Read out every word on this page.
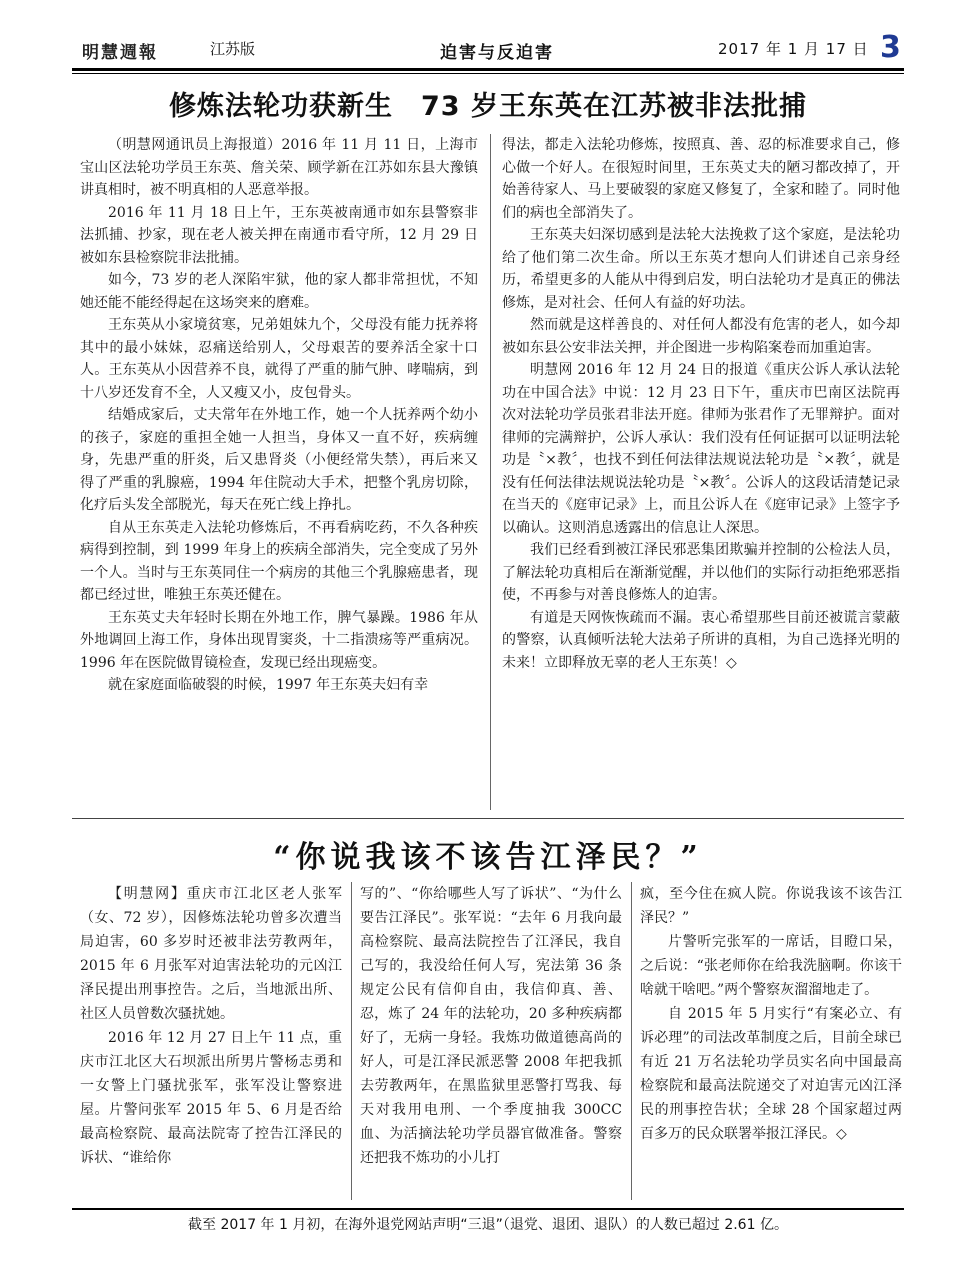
明慧週報	江苏版	迫害与反迫害	2017 年 1 月 17 日 3
修炼法轮功获新生　73 岁王东英在江苏被非法批捕

（明慧网通讯员上海报道）2016 年 11 月 11 日，上海市宝山区法轮功学员王东英、詹关荣、顾学新在江苏如东县大豫镇讲真相时，被不明真相的人恶意举报。

2016 年 11 月 18 日上午，王东英被南通市如东县警察非法抓捕、抄家，现在老人被关押在南通市看守所，12 月 29 日被如东县检察院非法批捕。

如今，73 岁的老人深陷牢狱，他的家人都非常担忧，不知她还能不能经得起在这场突来的磨难。

王东英从小家境贫寒，兄弟姐妹九个，父母没有能力抚养将其中的最小妹妹，忍痛送给别人，父母艰苦的要养活全家十口人。王东英从小因营养不良，就得了严重的肺气肿、哮喘病，到十八岁还发育不全，人又瘦又小，皮包骨头。

结婚成家后，丈夫常年在外地工作，她一个人抚养两个幼小的孩子，家庭的重担全她一人担当，身体又一直不好，疾病缠身，先患严重的肝炎，后又患肾炎（小便经常失禁），再后来又得了严重的乳腺癌，1994 年住院动大手术，把整个乳房切除，化疗后头发全部脱光，每天在死亡线上挣扎。

自从王东英走入法轮功修炼后，不再看病吃药，不久各种疾病得到控制，到 1999 年身上的疾病全部消失，完全变成了另外一个人。当时与王东英同住一个病房的其他三个乳腺癌患者，现都已经过世，唯独王东英还健在。

王东英丈夫年轻时长期在外地工作，脾气暴躁。1986 年从外地调回上海工作，身体出现胃窦炎，十二指溃疡等严重病况。1996 年在医院做胃镜检查，发现已经出现癌变。

就在家庭面临破裂的时候，1997 年王东英夫妇有幸

得法，都走入法轮功修炼，按照真、善、忍的标准要求自己，修心做一个好人。在很短时间里，王东英丈夫的陋习都改掉了，开始善待家人、马上要破裂的家庭又修复了，全家和睦了。同时他们的病也全部消失了。

王东英夫妇深切感到是法轮大法挽救了这个家庭，是法轮功给了他们第二次生命。所以王东英才想向人们讲述自己亲身经历，希望更多的人能从中得到启发，明白法轮功才是真正的佛法修炼，是对社会、任何人有益的好功法。

然而就是这样善良的、对任何人都没有危害的老人，如今却被如东县公安非法关押，并企图进一步构陷案卷而加重迫害。

明慧网 2016 年 12 月 24 日的报道《重庆公诉人承认法轮功在中国合法》中说：12 月 23 日下午，重庆市巴南区法院再次对法轮功学员张君非法开庭。律师为张君作了无罪辩护。面对律师的完满辩护，公诉人承认：我们没有任何证据可以证明法轮功是〝×教〞，也找不到任何法律法规说法轮功是〝×教〞，就是没有任何法律法规说法轮功是〝×教〞。公诉人的这段话清楚记录在当天的《庭审记录》上，而且公诉人在《庭审记录》上签字予以确认。这则消息透露出的信息让人深思。

我们已经看到被江泽民邪恶集团欺骗并控制的公检法人员，了解法轮功真相后在渐渐觉醒，并以他们的实际行动拒绝邪恶指使，不再参与对善良修炼人的迫害。

有道是天网恢恢疏而不漏。衷心希望那些目前还被谎言蒙蔽的警察，认真倾听法轮大法弟子所讲的真相，为自己选择光明的未来！立即释放无辜的老人王东英！◇

“你说我该不该告江泽民？”

【明慧网】重庆市江北区老人张军（女、72 岁），因修炼法轮功曾多次遭当局迫害，60 多岁时还被非法劳教两年，2015 年 6 月张军对迫害法轮功的元凶江泽民提出刑事控告。之后，当地派出所、社区人员曾数次骚扰她。

2016 年 12 月 27 日上午 11 点，重庆市江北区大石坝派出所男片警杨志勇和一女警上门骚扰张军，张军没让警察进屋。片警问张军 2015 年 5、6 月是否给最高检察院、最高法院寄了控告江泽民的诉状、“谁给你

写的”、“你给哪些人写了诉状”、“为什么要告江泽民”。张军说：“去年 6 月我向最高检察院、最高法院控告了江泽民，我自己写的，我没给任何人写，宪法第 36 条规定公民有信仰自由，我信仰真、善、忍，炼了 24 年的法轮功，20 多种疾病都好了，无病一身轻。我炼功做道德高尚的好人，可是江泽民派恶警 2008 年把我抓去劳教两年，在黑监狱里恶警打骂我、每天对我用电刑、一个季度抽我 300CC 血、为活摘法轮功学员器官做准备。警察还把我不炼功的小儿打

疯，至今住在疯人院。你说我该不该告江泽民？”

片警听完张军的一席话，目瞪口呆，之后说：“张老师你在给我洗脑啊。你该干啥就干啥吧。”两个警察灰溜溜地走了。

自 2015 年 5 月实行“有案必立、有诉必理”的司法改革制度之后，目前全球已有近 21 万名法轮功学员实名向中国最高检察院和最高法院递交了对迫害元凶江泽民的刑事控告状；全球 28 个国家超过两百多万的民众联署举报江泽民。◇

截至 2017 年 1 月初，在海外退党网站声明“三退”（退党、退团、退队）的人数已超过 2.61 亿。
